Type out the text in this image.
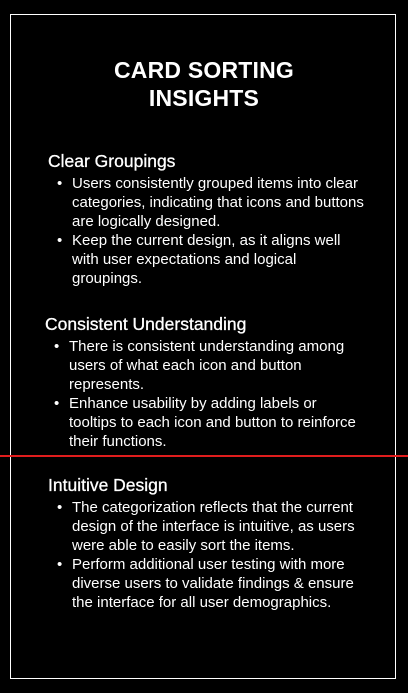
CARD SORTING
INSIGHTS
Clear Groupings
• Users consistently grouped items into clear categories, indicating that icons and buttons are logically designed.
• Keep the current design, as it aligns well with user expectations and logical groupings.
Consistent Understanding
• There is consistent understanding among users of what each icon and button represents.
• Enhance usability by adding labels or tooltips to each icon and button to reinforce their functions.
Intuitive Design
• The categorization reflects that the current design of the interface is intuitive, as users were able to easily sort the items.
• Perform additional user testing with more diverse users to validate findings & ensure the interface for all user demographics.
